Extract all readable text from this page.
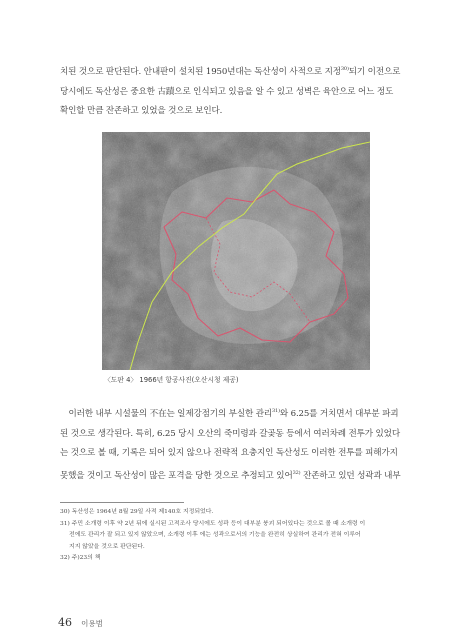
치된 것으로 판단된다. 안내판이 설치된 1950년대는 독산성이 사적으로 지정$^{30)}$되기 이전으로
당시에도 독산성은 중요한 古蹟으로 인식되고 있음을 알 수 있고 성벽은 육안으로 어느 정도
확인할 만큼 잔존하고 있었을 것으로 보인다.
〈도판 4〉 1966년 항공사진(오산시청 제공)
 이러한 내부 시설물의 不在는 일제강점기의 부실한 관리$^{31)}$와 6.25를 거치면서 대부분 파괴
된 것으로 생각된다. 특히, 6.25 당시 오산의 죽미령과 갈곶동 등에서 여러차례 전투가 있었다
는 것으로 볼 때, 기록은 되어 있지 않으나 전략적 요충지인 독산성도 이러한 전투를 피해가지
못했을 것이고 독산성이 많은 포격을 당한 것으로 추정되고 있어$^{32)}$ 잔존하고 있던 성곽과 내부
30) 독산성은 1964년 8월 29일 사적 제140호 지정되었다.
31) 주민 소개령 이후 약 2년 뒤에 실시된 고적조사 당시에도 성곽 등이 대부분 붕괴 되어있다는 것으로 볼 때 소개령 이
전에도 관리가 잘 되고 있지 않았으며, 소개령 이후 에는 성곽으로서의 기능을 완전히 상실하여 관리가 전혀 이루어
지지 않았을 것으로 판단된다.
32) 주)23의 책
46 이용범
